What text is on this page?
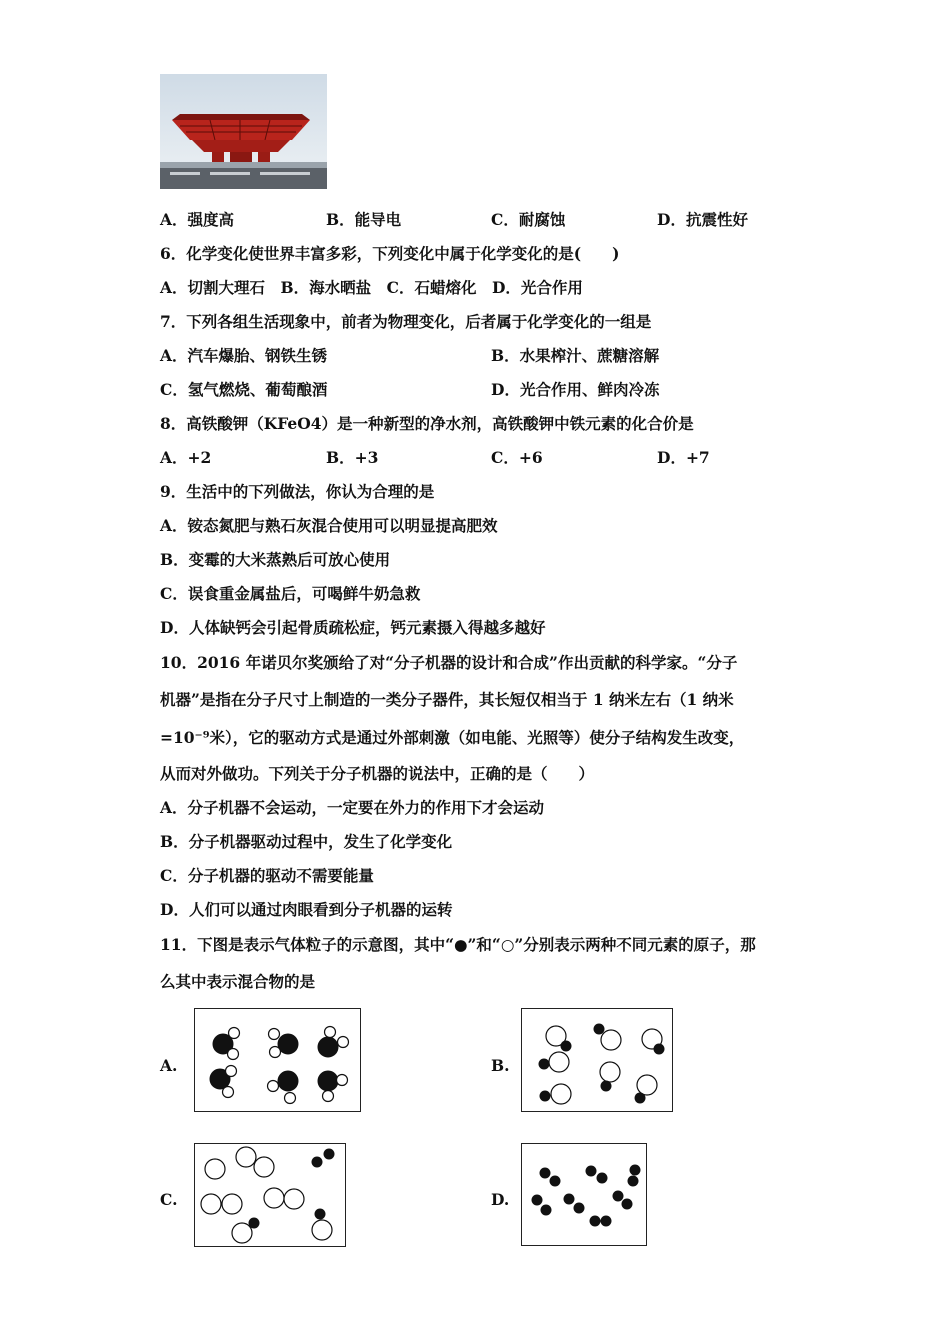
A．强度高	B．能导电	C．耐腐蚀	D．抗震性好
6．化学变化使世界丰富多彩，下列变化中属于化学变化的是(　　)
A．切割大理石　B．海水晒盐　C．石蜡熔化　D．光合作用
7．下列各组生活现象中，前者为物理变化，后者属于化学变化的一组是
A．汽车爆胎、钢铁生锈	B．水果榨汁、蔗糖溶解
C．氢气燃烧、葡萄酿酒	D．光合作用、鲜肉冷冻
8．高铁酸钾（KFeO4）是一种新型的净水剂，高铁酸钾中铁元素的化合价是
A．+2	B．+3	C．+6	D．+7
9．生活中的下列做法，你认为合理的是
A．铵态氮肥与熟石灰混合使用可以明显提高肥效
B．变霉的大米蒸熟后可放心使用
C．误食重金属盐后，可喝鲜牛奶急救
D．人体缺钙会引起骨质疏松症，钙元素摄入得越多越好
10．2016 年诺贝尔奖颁给了对“分子机器的设计和合成”作出贡献的科学家。“分子
机器”是指在分子尺寸上制造的一类分子器件，其长短仅相当于 1 纳米左右（1 纳米
=10⁻⁹米），它的驱动方式是通过外部刺激（如电能、光照等）使分子结构发生改变，
从而对外做功。下列关于分子机器的说法中，正确的是（　　）
A．分子机器不会运动，一定要在外力的作用下才会运动
B．分子机器驱动过程中，发生了化学变化
C．分子机器的驱动不需要能量
D．人们可以通过肉眼看到分子机器的运转
11．下图是表示气体粒子的示意图，其中“●”和“○”分别表示两种不同元素的原子，那
么其中表示混合物的是
A.	B.
C.	D.
